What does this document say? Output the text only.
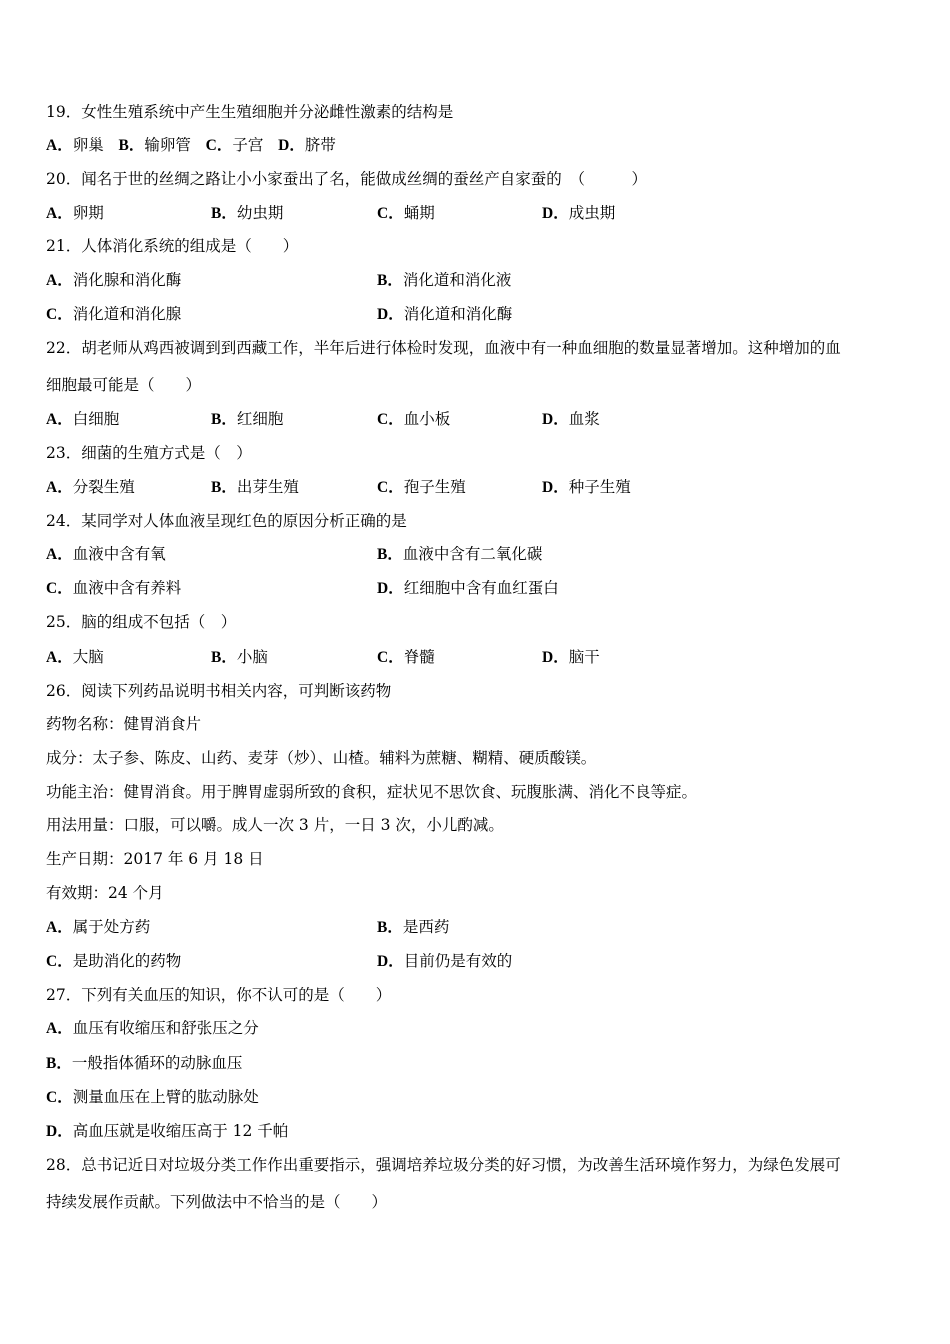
19．女性生殖系统中产生生殖细胞并分泌雌性激素的结构是
A．卵巢 B．输卵管 C．子宫 D．脐带
20．闻名于世的丝绸之路让小小家蚕出了名，能做成丝绸的蚕丝产自家蚕的　（　　　）
A．卵期	B．幼虫期	C．蛹期	D．成虫期
21．人体消化系统的组成是（　　）
A．消化腺和消化酶	B．消化道和消化液
C．消化道和消化腺	D．消化道和消化酶
22．胡老师从鸡西被调到到西藏工作，半年后进行体检时发现，血液中有一种血细胞的数量显著增加。这种增加的血
细胞最可能是（　　）
A．白细胞	B．红细胞	C．血小板	D．血浆
23．细菌的生殖方式是（　）
A．分裂生殖	B．出芽生殖	C．孢子生殖	D．种子生殖
24．某同学对人体血液呈现红色的原因分析正确的是
A．血液中含有氧	B．血液中含有二氧化碳
C．血液中含有养料	D．红细胞中含有血红蛋白
25．脑的组成不包括（　）
A．大脑	B．小脑	C．脊髓	D．脑干
26．阅读下列药品说明书相关内容，可判断该药物
药物名称：健胃消食片
成分：太子参、陈皮、山药、麦芽（炒）、山楂。辅料为蔗糖、糊精、硬质酸镁。
功能主治：健胃消食。用于脾胃虚弱所致的食积，症状见不思饮食、玩腹胀满、消化不良等症。
用法用量：口服，可以嚼。成人一次 3 片，一日 3 次，小儿酌减。
生产日期：2017 年 6 月 18 日
有效期：24 个月
A．属于处方药	B．是西药
C．是助消化的药物	D．目前仍是有效的
27．下列有关血压的知识，你不认可的是（　　）
A．血压有收缩压和舒张压之分
B．一般指体循环的动脉血压
C．测量血压在上臂的肱动脉处
D．高血压就是收缩压高于 12 千帕
28．总书记近日对垃圾分类工作作出重要指示，强调培养垃圾分类的好习惯，为改善生活环境作努力，为绿色发展可
持续发展作贡献。下列做法中不恰当的是（　　）
